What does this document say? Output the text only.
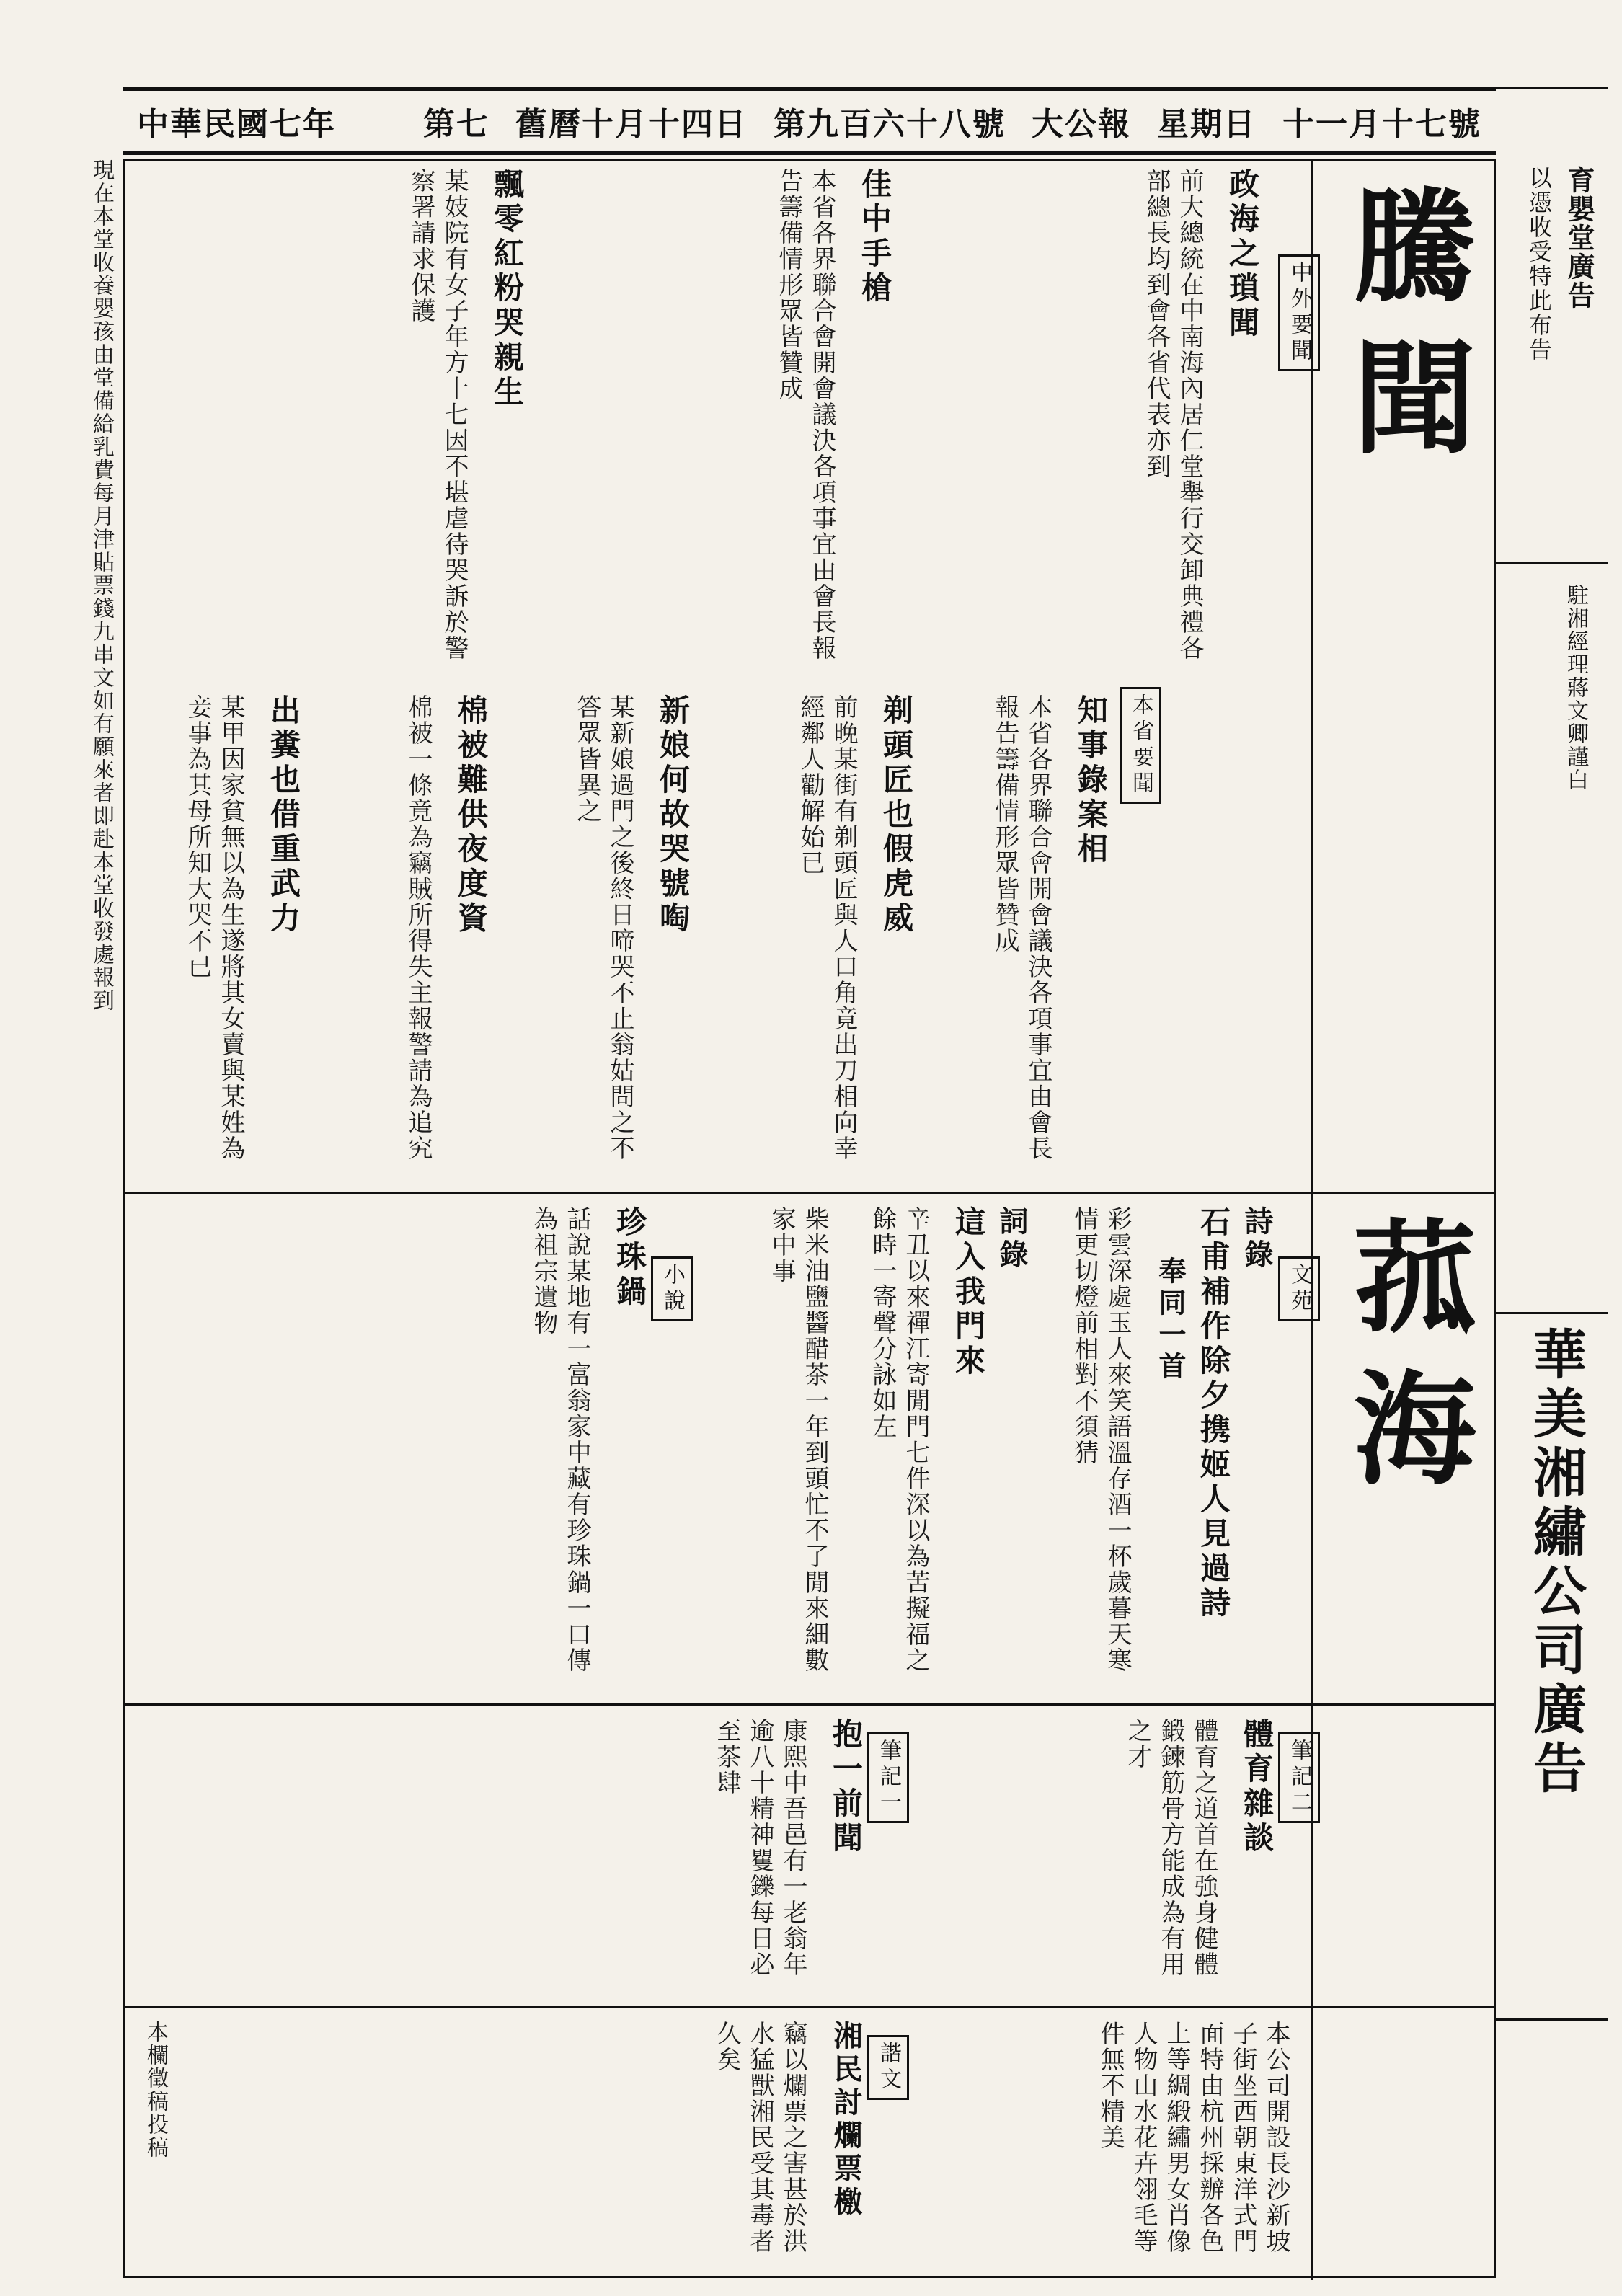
中華民國七年	十一月十七號
星期日
大公報
第九百六十八號
舊曆十月十四日
第七
育嬰堂廣告
以憑收受特此布告
駐湘經理蔣文卿謹白
華美湘繡公司廣告
騰聞
中外要聞
政海之瑣聞
前大總統在中南海內居仁堂舉行交卸典禮各部總長均到會各省代表亦到
佳中手槍
本省各界聯合會開會議決各項事宜由會長報告籌備情形眾皆贊成
飄零紅粉哭親生
某妓院有女子年方十七因不堪虐待哭訴於警察署請求保護
本省要聞
知事錄案相
本省各界聯合會開會議決各項事宜由會長報告籌備情形眾皆贊成
剃頭匠也假虎威
前晚某街有剃頭匠與人口角竟出刀相向幸經鄰人勸解始已
新娘何故哭號啕
某新娘過門之後終日啼哭不止翁姑問之不答眾皆異之
棉被難供夜度資
棉被一條竟為竊賊所得失主報警請為追究
出糞也借重武力
某甲因家貧無以為生遂將其女賣與某姓為妾事為其母所知大哭不已
菰海
文苑
詩錄
石甫補作除夕携姬人見過詩
奉同一首
彩雲深處玉人來笑語溫存酒一杯歲暮天寒情更切燈前相對不須猜
詞錄
這入我門來
辛丑以來禪江寄閒門七件深以為苦擬福之餘時一寄聲分詠如左
柴米油鹽醬醋茶一年到頭忙不了閒來細數家中事
小說
珍珠鍋
話說某地有一富翁家中藏有珍珠鍋一口傳為祖宗遺物
筆記二
體育雜談
體育之道首在強身健體鍛鍊筋骨方能成為有用之才
筆記一
抱一前聞
康熙中吾邑有一老翁年逾八十精神矍鑠每日必至茶肆
諧文
湘民討爛票檄
竊以爛票之害甚於洪水猛獸湘民受其毒者久矣
本欄徵稿投稿	本公司開設長沙新坡子街坐西朝東洋式門面特由杭州採辦各色上等綢緞繡男女肖像人物山水花卉翎毛等件無不精美
現在本堂收養嬰孩由堂備給乳費每月津貼票錢九串文如有願來者即赴本堂收發處報到
